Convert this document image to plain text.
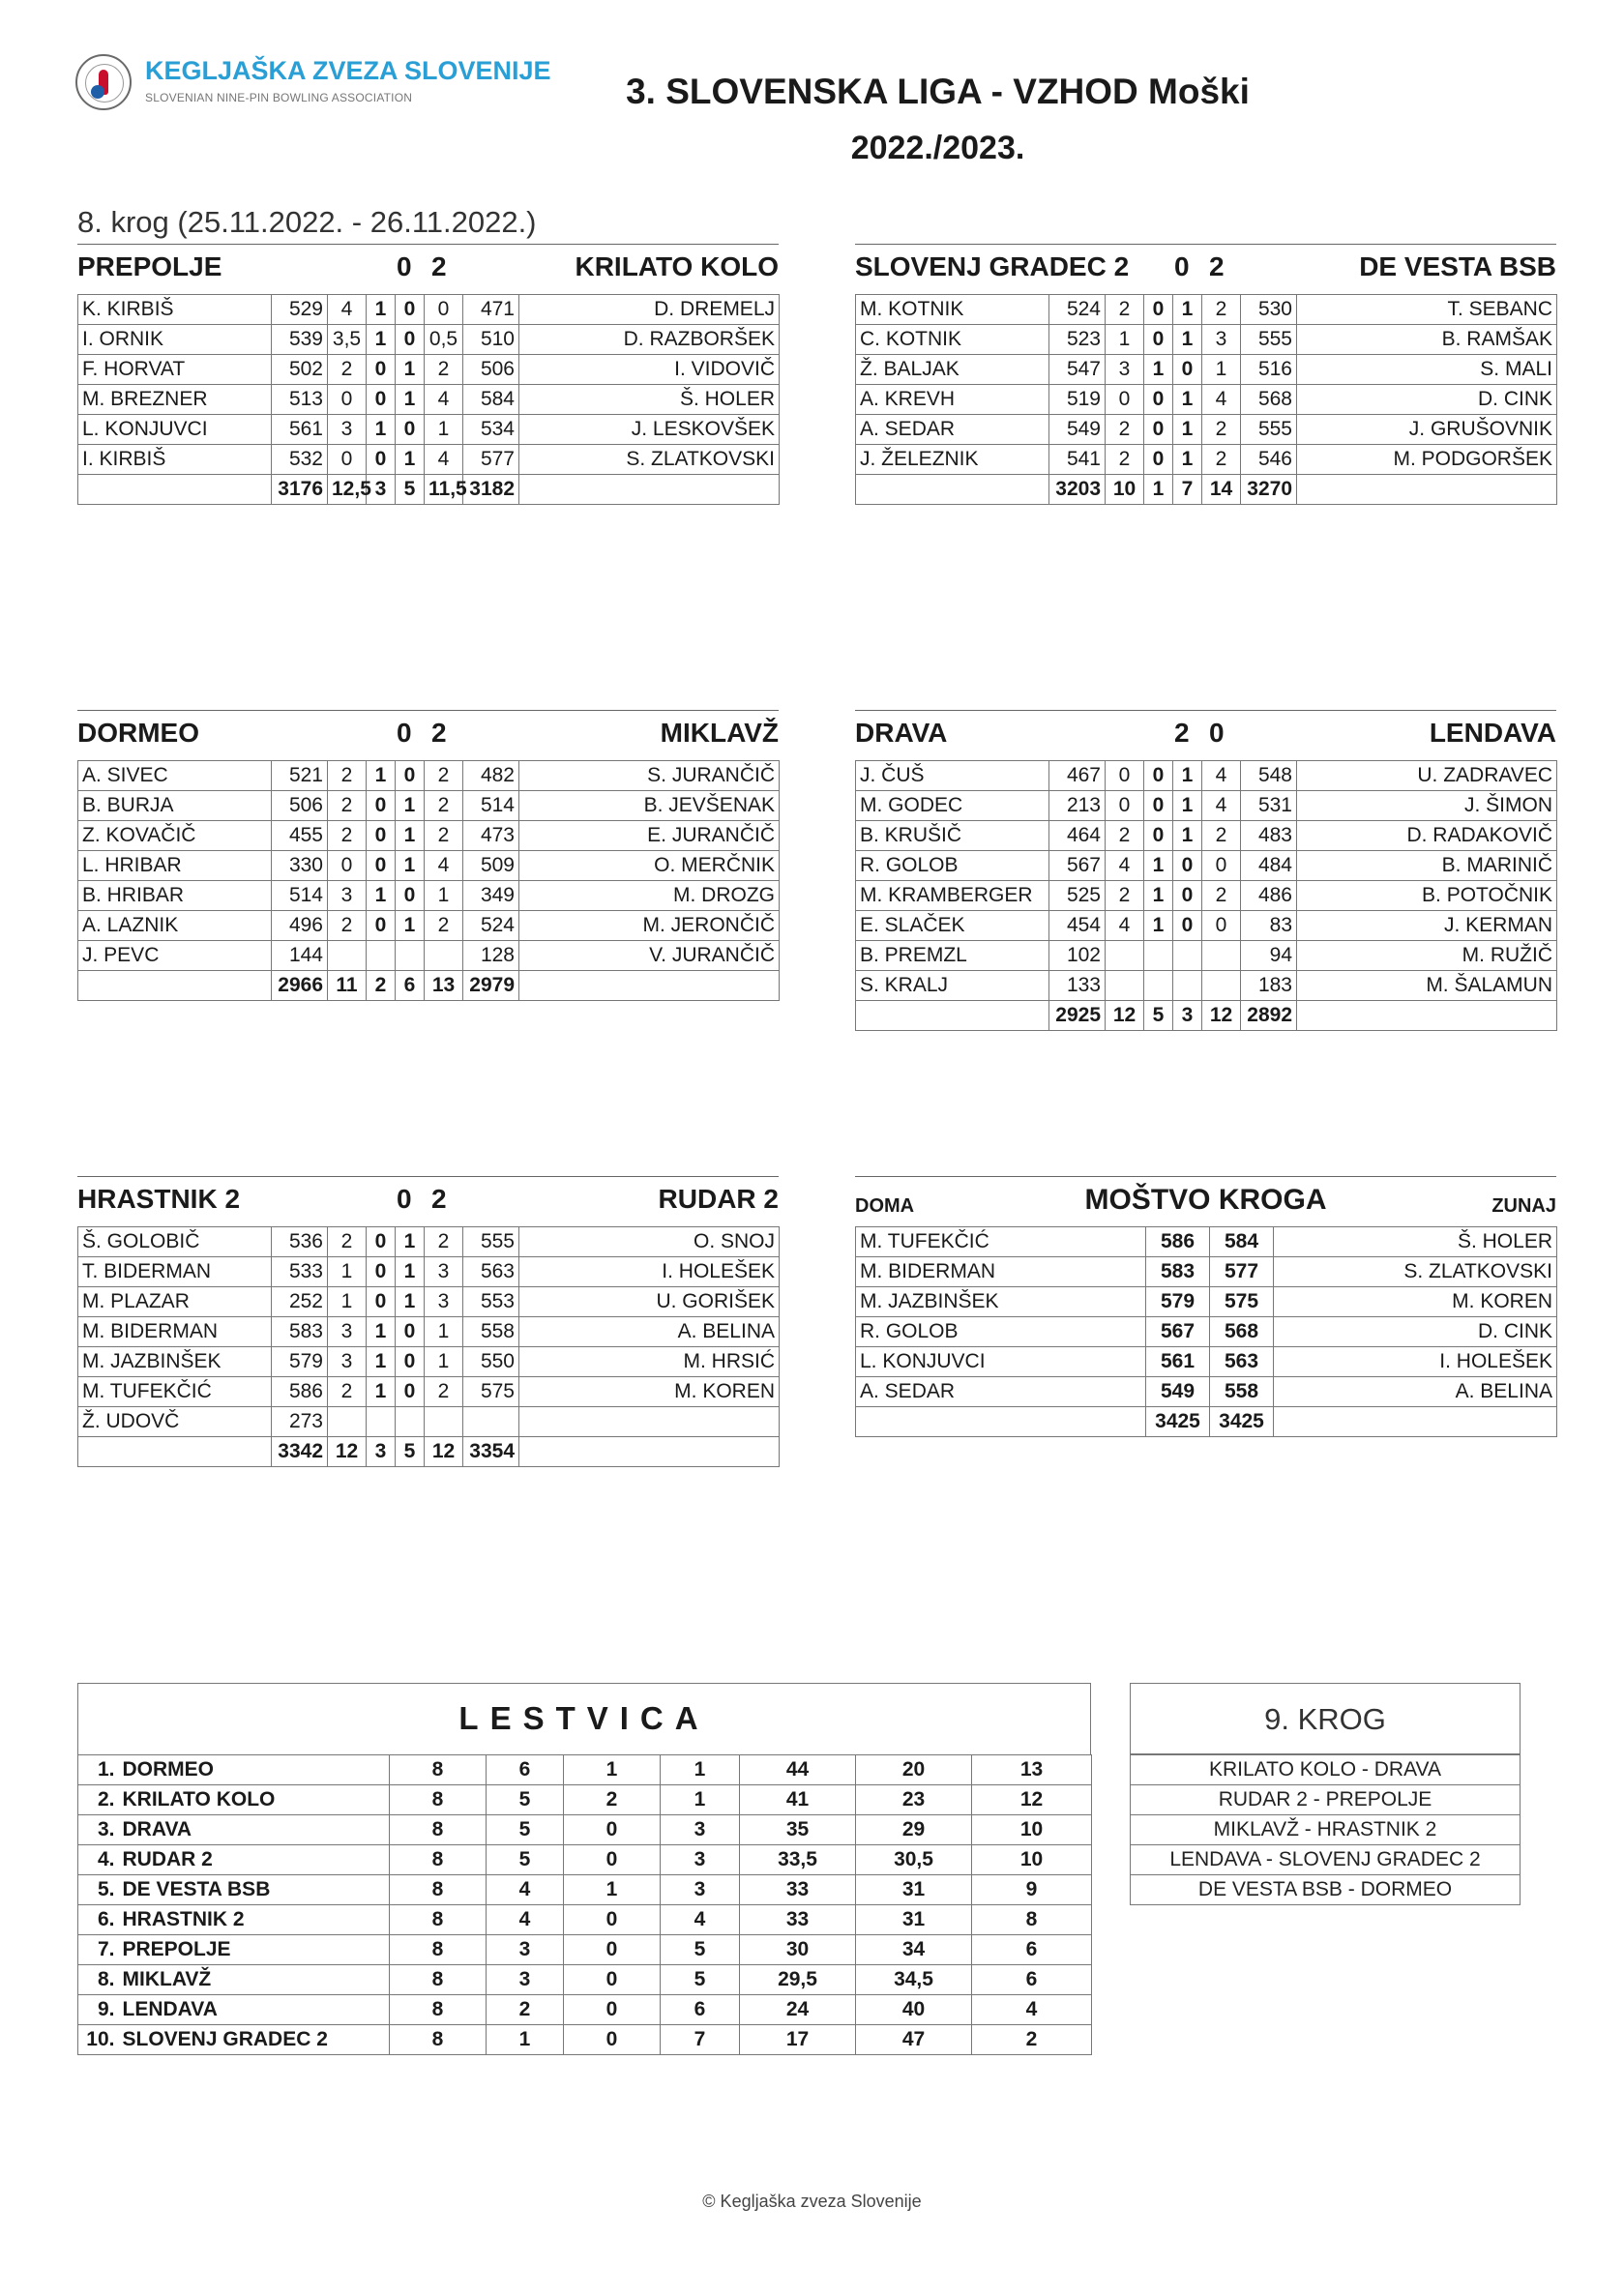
KEGLJAŠKA ZVEZA SLOVENIJE
SLOVENIAN NINE-PIN BOWLING ASSOCIATION	3. SLOVENSKA LIGA - VZHOD Moški
2022./2023.
8. krog (25.11.2022. - 26.11.2022.)
PREPOLJE	0 2	KRILATO KOLO
K. KIRBIŠ	529	4	1	0	0	471	D. DREMELJ
I. ORNIK	539	3,5	1	0	0,5	510	D. RAZBORŠEK
F. HORVAT	502	2	0	1	2	506	I. VIDOVIČ
M. BREZNER	513	0	0	1	4	584	Š. HOLER
L. KONJUVCI	561	3	1	0	1	534	J. LESKOVŠEK
I. KIRBIŠ	532	0	0	1	4	577	S. ZLATKOVSKI
	3176	12,5	3	5	11,5	3182	
SLOVENJ GRADEC 2 0 2	DE VESTA BSB
M. KOTNIK	524	2	0	1	2	530	T. SEBANC
C. KOTNIK	523	1	0	1	3	555	B. RAMŠAK
Ž. BALJAK	547	3	1	0	1	516	S. MALI
A. KREVH	519	0	0	1	4	568	D. CINK
A. SEDAR	549	2	0	1	2	555	J. GRUŠOVNIK
J. ŽELEZNIK	541	2	0	1	2	546	M. PODGORŠEK
	3203	10	1	7	14	3270	
DORMEO	0 2	MIKLAVŽ
A. SIVEC	521	2	1	0	2	482	S. JURANČIČ
B. BURJA	506	2	0	1	2	514	B. JEVŠENAK
Z. KOVAČIČ	455	2	0	1	2	473	E. JURANČIČ
L. HRIBAR	330	0	0	1	4	509	O. MERČNIK
B. HRIBAR	514	3	1	0	1	349	M. DROZG
A. LAZNIK	496	2	0	1	2	524	M. JERONČIČ
J. PEVC	144					128	V. JURANČIČ
	2966	11	2	6	13	2979	
DRAVA	2 0	LENDAVA
J. ČUŠ	467	0	0	1	4	548	U. ZADRAVEC
M. GODEC	213	0	0	1	4	531	J. ŠIMON
B. KRUŠIČ	464	2	0	1	2	483	D. RADAKOVIČ
R. GOLOB	567	4	1	0	0	484	B. MARINIČ
M. KRAMBERGER	525	2	1	0	2	486	B. POTOČNIK
E. SLAČEK	454	4	1	0	0	83	J. KERMAN
B. PREMZL	102					94	M. RUŽIČ
S. KRALJ	133					183	M. ŠALAMUN
	2925	12	5	3	12	2892	
HRASTNIK 2	0 2	RUDAR 2
Š. GOLOBIČ	536	2	0	1	2	555	O. SNOJ
T. BIDERMAN	533	1	0	1	3	563	I. HOLEŠEK
M. PLAZAR	252	1	0	1	3	553	U. GORIŠEK
M. BIDERMAN	583	3	1	0	1	558	A. BELINA
M. JAZBINŠEK	579	3	1	0	1	550	M. HRSIĆ
M. TUFEKČIĆ	586	2	1	0	2	575	M. KOREN
Ž. UDOVČ	273						
	3342	12	3	5	12	3354	
DOMA	MOŠTVO KROGA	ZUNAJ
M. TUFEKČIĆ	586	584	Š. HOLER
M. BIDERMAN	583	577	S. ZLATKOVSKI
M. JAZBINŠEK	579	575	M. KOREN
R. GOLOB	567	568	D. CINK
L. KONJUVCI	561	563	I. HOLEŠEK
A. SEDAR	549	558	A. BELINA
	3425	3425	
LESTVICA
1.	DORMEO	8	6	1	1	44	20	13
2.	KRILATO KOLO	8	5	2	1	41	23	12
3.	DRAVA	8	5	0	3	35	29	10
4.	RUDAR 2	8	5	0	3	33,5	30,5	10
5.	DE VESTA BSB	8	4	1	3	33	31	9
6.	HRASTNIK 2	8	4	0	4	33	31	8
7.	PREPOLJE	8	3	0	5	30	34	6
8.	MIKLAVŽ	8	3	0	5	29,5	34,5	6
9.	LENDAVA	8	2	0	6	24	40	4
10.	SLOVENJ GRADEC 2	8	1	0	7	17	47	2
9. KROG
KRILATO KOLO - DRAVA
RUDAR 2 - PREPOLJE
MIKLAVŽ - HRASTNIK 2
LENDAVA - SLOVENJ GRADEC 2
DE VESTA BSB - DORMEO
© Kegljaška zveza Slovenije
